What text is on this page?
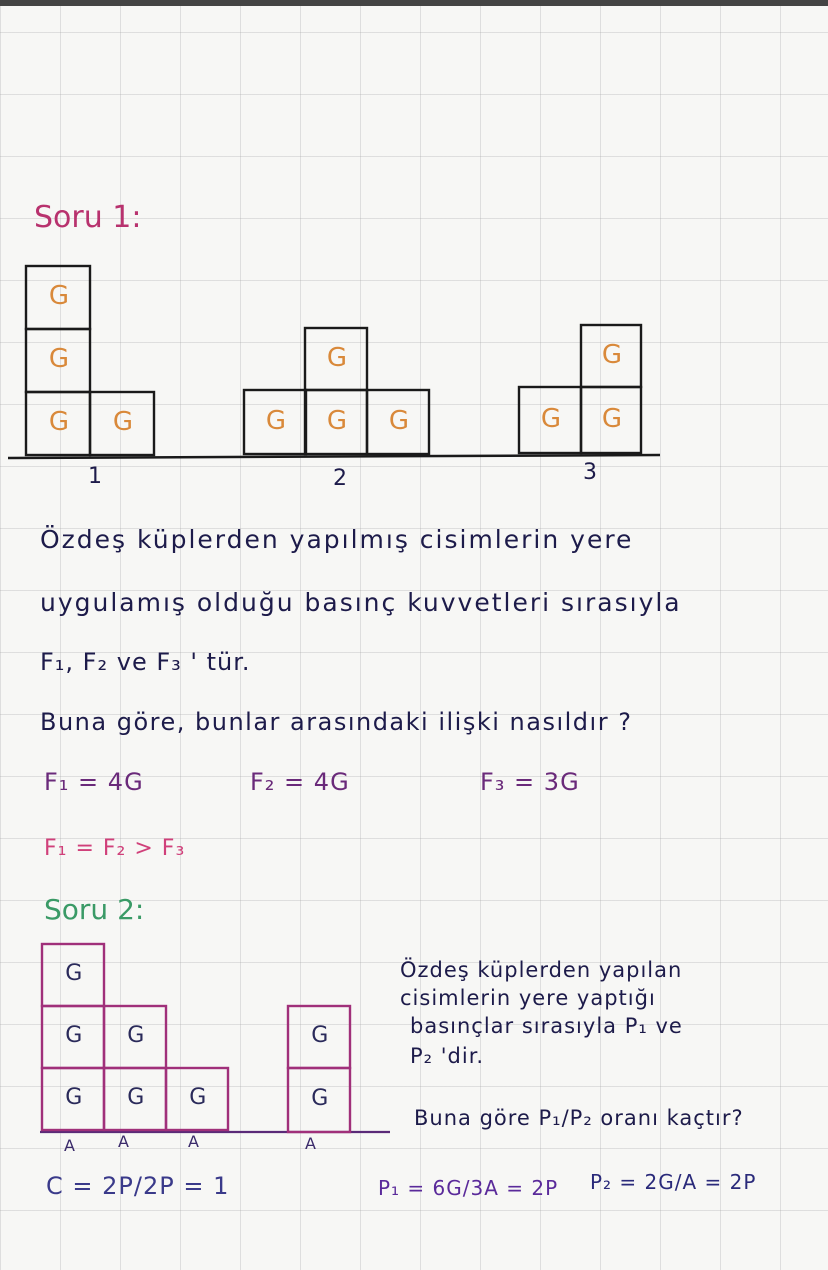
Soru 1:
G
G
G G
G
G G G
G
G G
1	2	3
Özdeş küplerden yapılmış cisimlerin yere
uygulamış olduğu basınç kuvvetleri sırasıyla
F₁, F₂ ve F₃ ' tür.
Buna göre, bunlar arasındaki ilişki nasıldır ?
F₁ = 4G	F₂ = 4G	F₃ = 3G
F₁ = F₂ > F₃
Soru 2:
G
G G
G G G
G
G
A	A	A	A
Özdeş küplerden yapılan
cisimlerin yere yaptığı
basınçlar sırasıyla P₁ ve
P₂ 'dir.
Buna göre P₁/P₂ oranı kaçtır?
C = 2P/2P = 1	P₁ = 6G/3A = 2P P₂ = 2G/A = 2P
